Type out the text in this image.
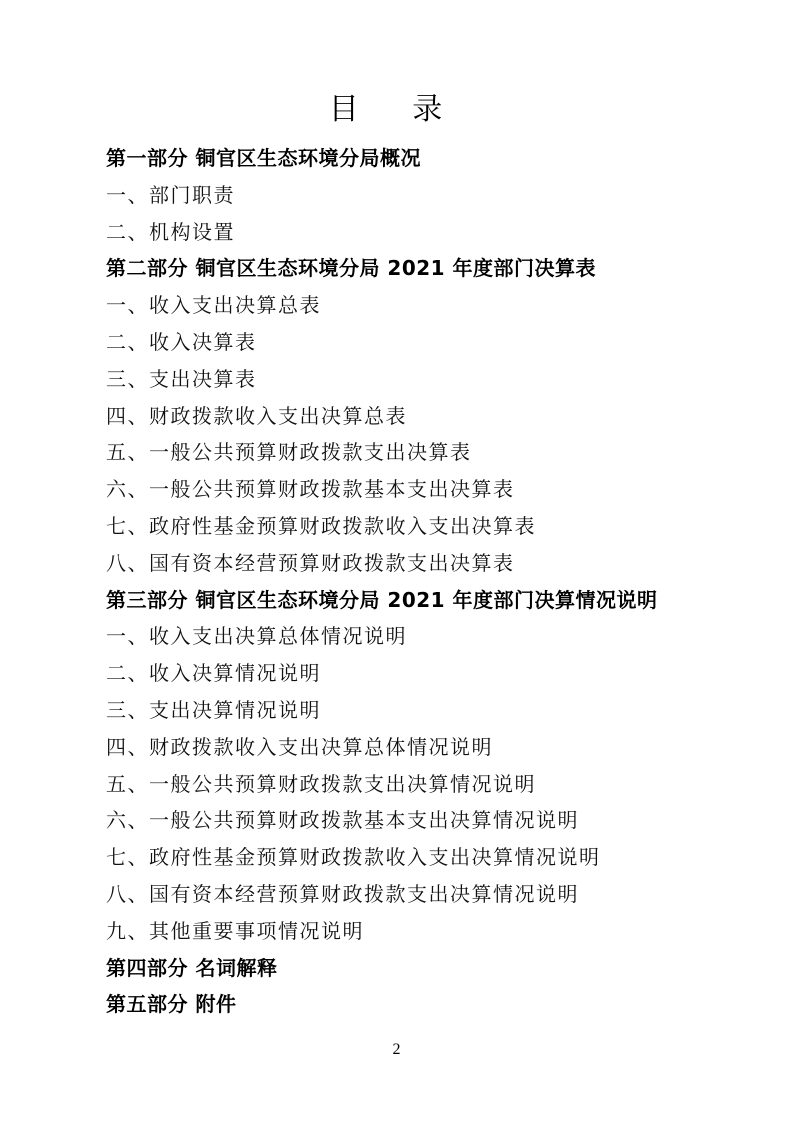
目 录
第一部分 铜官区生态环境分局概况
一、部门职责
二、机构设置
第二部分 铜官区生态环境分局 2021 年度部门决算表
一、收入支出决算总表
二、收入决算表
三、支出决算表
四、财政拨款收入支出决算总表
五、一般公共预算财政拨款支出决算表
六、一般公共预算财政拨款基本支出决算表
七、政府性基金预算财政拨款收入支出决算表
八、国有资本经营预算财政拨款支出决算表
第三部分 铜官区生态环境分局 2021 年度部门决算情况说明
一、收入支出决算总体情况说明
二、收入决算情况说明
三、支出决算情况说明
四、财政拨款收入支出决算总体情况说明
五、一般公共预算财政拨款支出决算情况说明
六、一般公共预算财政拨款基本支出决算情况说明
七、政府性基金预算财政拨款收入支出决算情况说明
八、国有资本经营预算财政拨款支出决算情况说明
九、其他重要事项情况说明
第四部分 名词解释
第五部分 附件
2
